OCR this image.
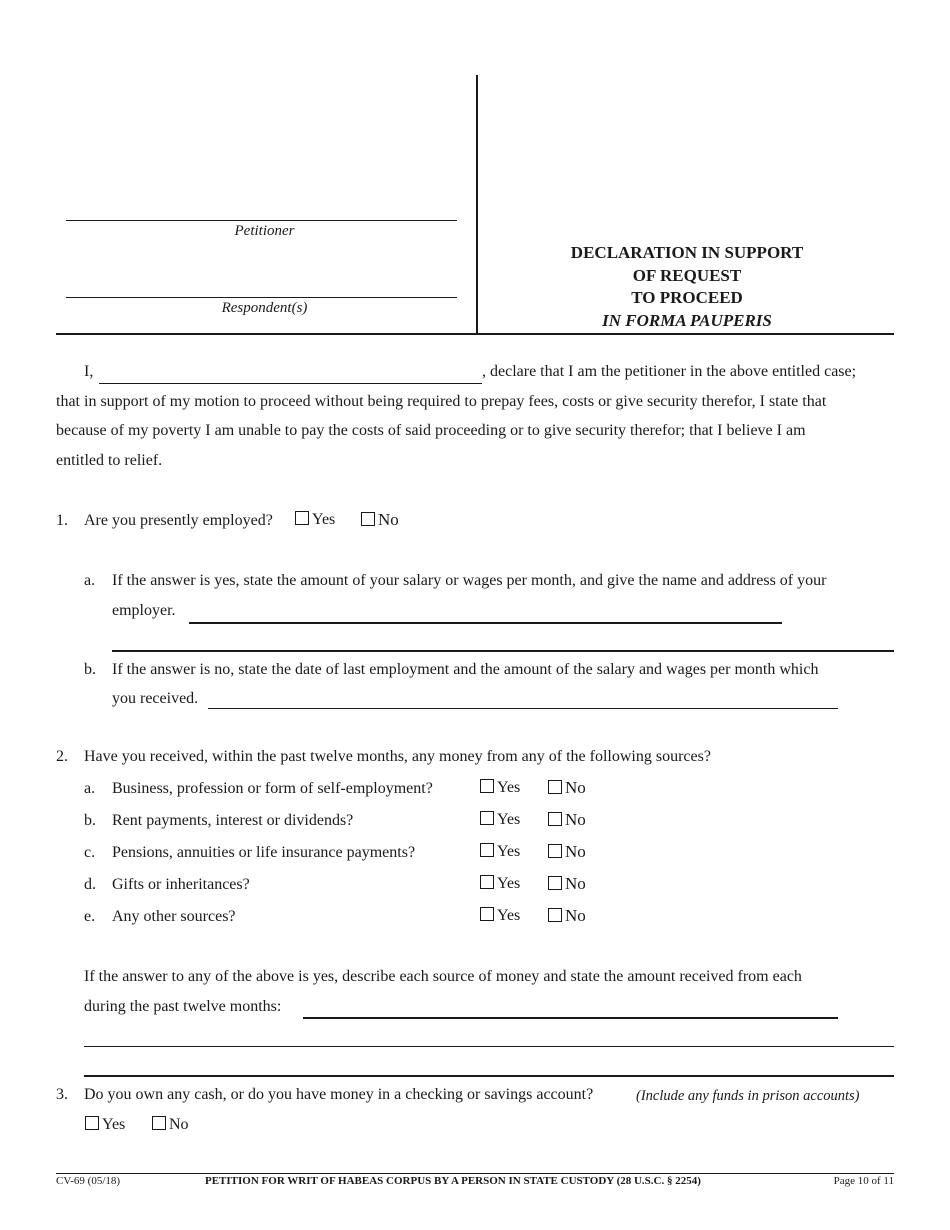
Petitioner
Respondent(s)
DECLARATION IN SUPPORT
OF REQUEST
TO PROCEED
IN FORMA PAUPERIS
I,	, declare that I am the petitioner in the above entitled case;
that in support of my motion to proceed without being required to prepay fees, costs or give security therefor, I state that
because of my poverty I am unable to pay the costs of said proceeding or to give security therefor; that I believe I am
entitled to relief.
1. Are you presently employed?	Yes	No
a. If the answer is yes, state the amount of your salary or wages per month, and give the name and address of your
employer.
b. If the answer is no, state the date of last employment and the amount of the salary and wages per month which
you received.
2. Have you received, within the past twelve months, any money from any of the following sources?
a. Business, profession or form of self-employment?	Yes	No
b. Rent payments, interest or dividends?	Yes	No
c. Pensions, annuities or life insurance payments?	Yes	No
d. Gifts or inheritances?	Yes	No
e. Any other sources?	Yes	No
If the answer to any of the above is yes, describe each source of money and state the amount received from each
during the past twelve months:
3. Do you own any cash, or do you have money in a checking or savings account?	(Include any funds in prison accounts)
Yes	No
CV-69 (05/18)	PETITION FOR WRIT OF HABEAS CORPUS BY A PERSON IN STATE CUSTODY (28 U.S.C. § 2254)	Page 10 of 11
